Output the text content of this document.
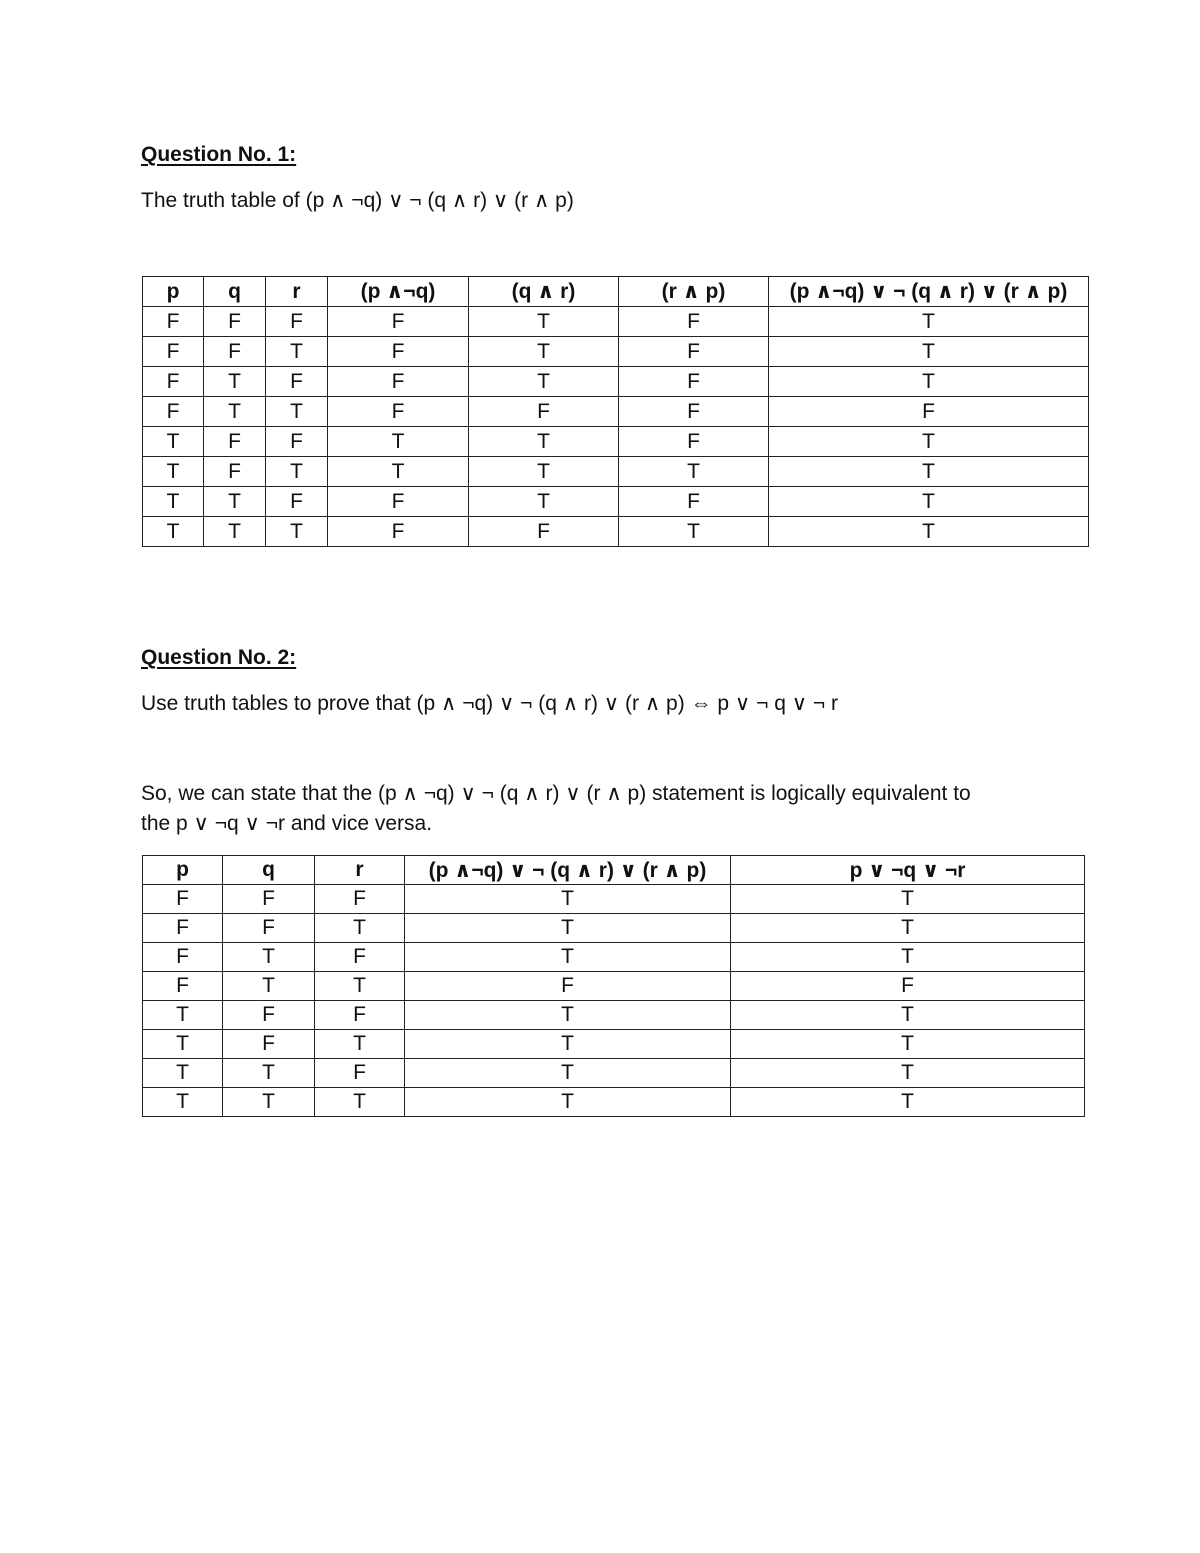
Question No. 1:

The truth table of (p ∧ ¬q) ∨ ¬ (q ∧ r) ∨ (r ∧ p)

p	q	r	(p ∧¬q)	(q ∧ r)	(r ∧ p)	(p ∧¬q) ∨ ¬ (q ∧ r) ∨ (r ∧ p)
F	F	F	F	T	F	T
F	F	T	F	T	F	T
F	T	F	F	T	F	T
F	T	T	F	F	F	F
T	F	F	T	T	F	T
T	F	T	T	T	T	T
T	T	F	F	T	F	T
T	T	T	F	F	T	T

Question No. 2:

Use truth tables to prove that (p ∧ ¬q) ∨ ¬ (q ∧ r) ∨ (r ∧ p) ⇔ p ∨ ¬ q ∨ ¬ r

So, we can state that the (p ∧ ¬q) ∨ ¬ (q ∧ r) ∨ (r ∧ p) statement is logically equivalent to
the p ∨ ¬q ∨ ¬r and vice versa.
p	q	r	(p ∧¬q) ∨ ¬ (q ∧ r) ∨ (r ∧ p)	p ∨ ¬q ∨ ¬r
F	F	F	T	T
F	F	T	T	T
F	T	F	T	T
F	T	T	F	F
T	F	F	T	T
T	F	T	T	T
T	T	F	T	T
T	T	T	T	T
